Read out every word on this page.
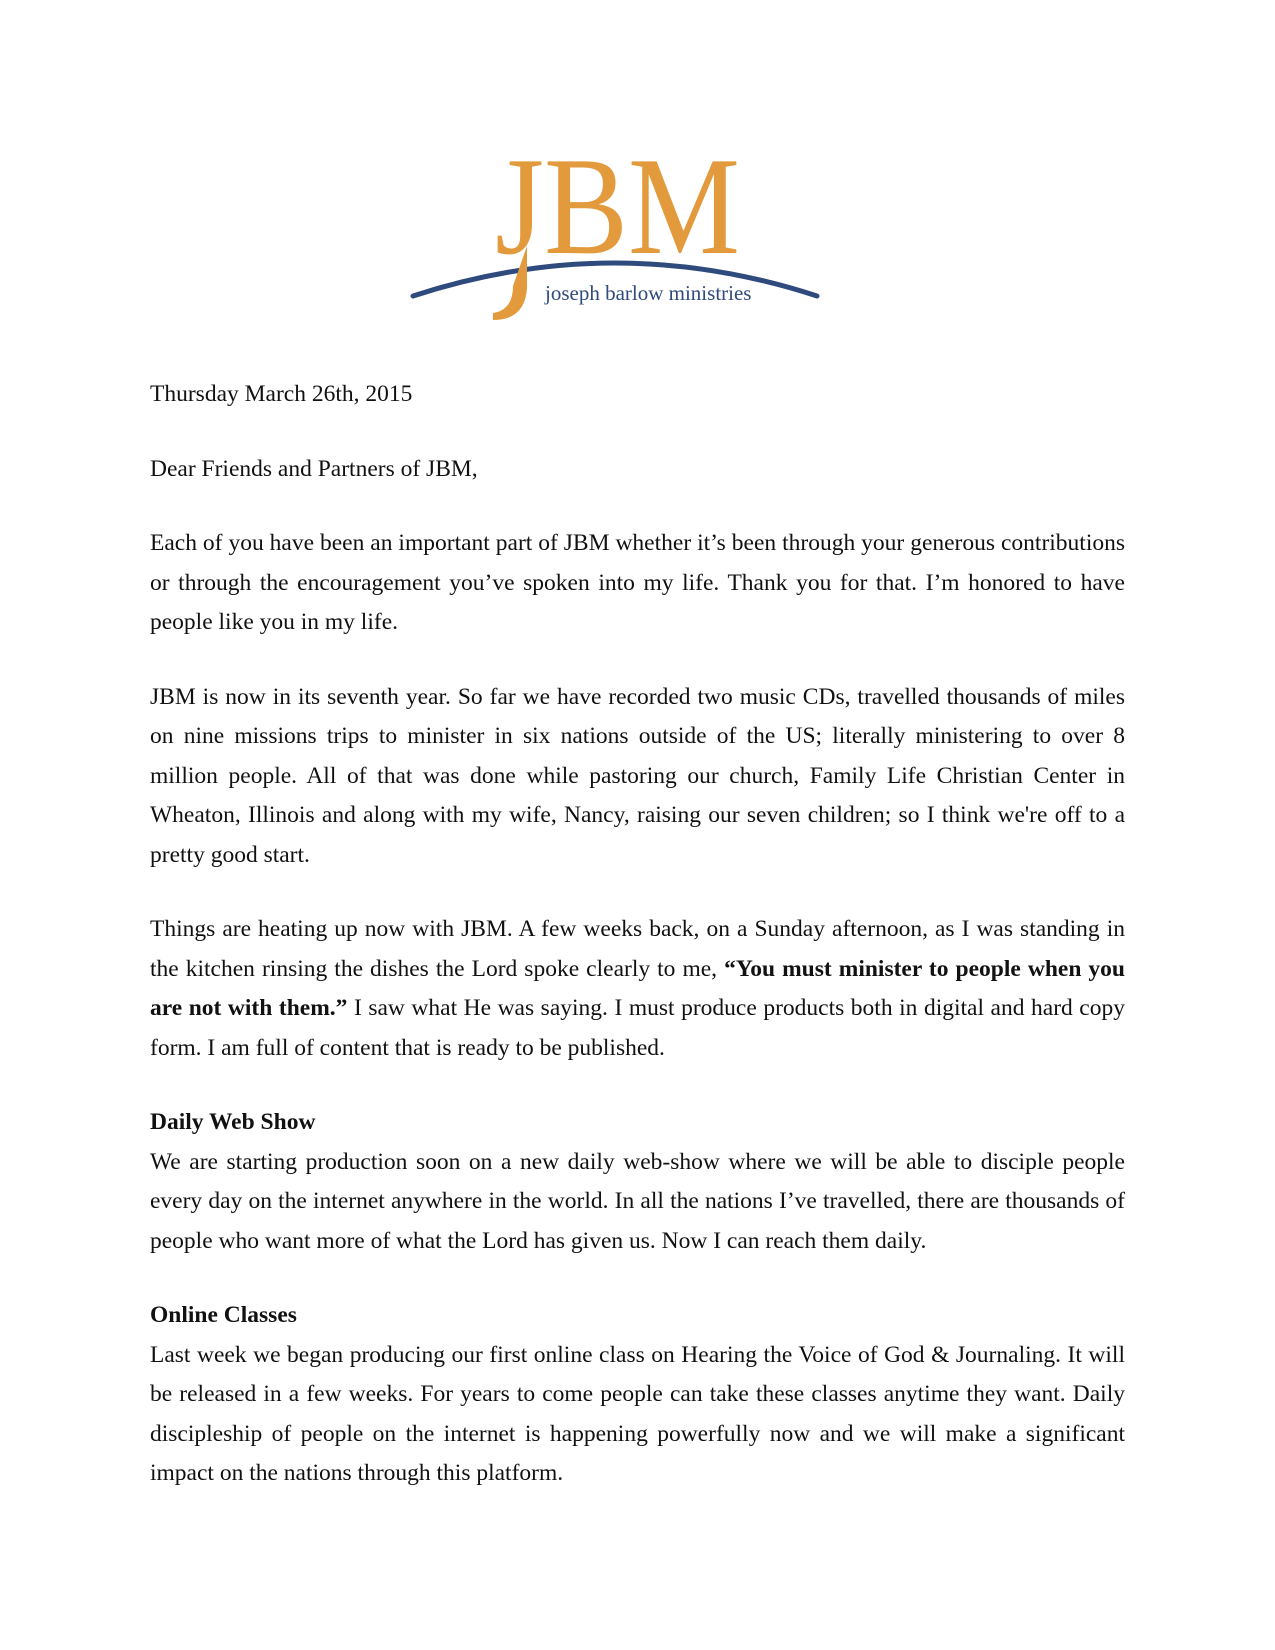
JBM
joseph barlow ministries

Thursday March 26th, 2015

Dear Friends and Partners of JBM,

Each of you have been an important part of JBM whether it’s been through your generous contributions or through the encouragement you’ve spoken into my life. Thank you for that. I’m honored to have people like you in my life.

JBM is now in its seventh year. So far we have recorded two music CDs, travelled thousands of miles on nine missions trips to minister in six nations outside of the US; literally ministering to over 8 million people. All of that was done while pastoring our church, Family Life Christian Center in Wheaton, Illinois and along with my wife, Nancy, raising our seven children; so I think we're off to a pretty good start.

Things are heating up now with JBM. A few weeks back, on a Sunday afternoon, as I was standing in the kitchen rinsing the dishes the Lord spoke clearly to me, “You must minister to people when you are not with them.” I saw what He was saying. I must produce products both in digital and hard copy form. I am full of content that is ready to be published.

Daily Web Show

We are starting production soon on a new daily web-show where we will be able to disciple people every day on the internet anywhere in the world. In all the nations I’ve travelled, there are thousands of people who want more of what the Lord has given us. Now I can reach them daily.

Online Classes

Last week we began producing our first online class on Hearing the Voice of God & Journaling. It will be released in a few weeks. For years to come people can take these classes anytime they want. Daily discipleship of people on the internet is happening powerfully now and we will make a significant impact on the nations through this platform.
